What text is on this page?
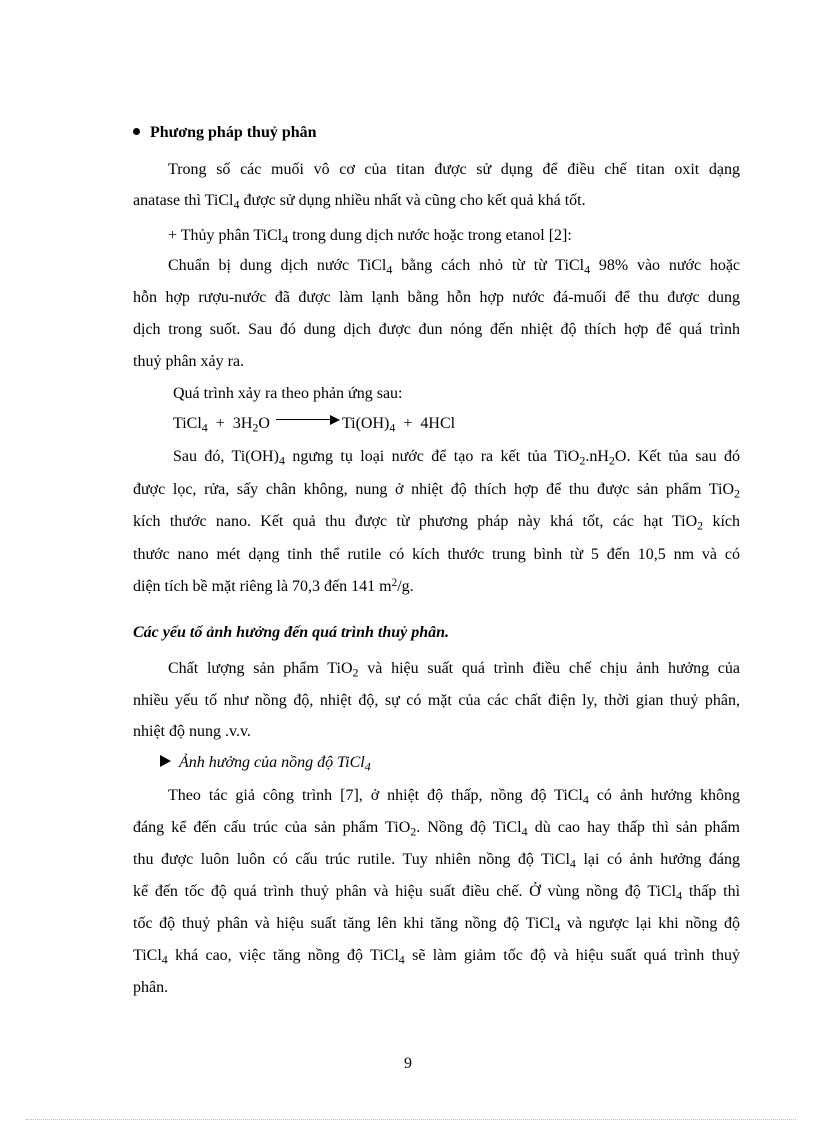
Phương pháp thuỷ phân
Trong số các muối vô cơ của titan được sử dụng để điều chế titan oxit dạng
anatase thì TiCl$_4$ được sử dụng nhiều nhất và cũng cho kết quả khá tốt.
+ Thủy phân TiCl$_4$ trong dung dịch nước hoặc trong etanol [2]:
Chuẩn bị dung dịch nước TiCl$_4$ bằng cách nhỏ từ từ TiCl$_4$ 98% vào nước hoặc
hỗn hợp rượu-nước đã được làm lạnh bằng hỗn hợp nước đá-muối để thu được dung
dịch trong suốt. Sau đó dung dịch được đun nóng đến nhiệt độ thích hợp để quá trình
thuỷ phân xảy ra.
Quá trình xảy ra theo phản ứng sau:
TiCl$_4$ + $3H_2O$	$Ti(OH)_4 + 4HCl$
Sau đó, $Ti(OH)_4$ ngưng tụ loại nước để tạo ra kết tủa $TiO_2.nH_2O$. Kết tủa sau đó
được lọc, rửa, sấy chân không, nung ở nhiệt độ thích hợp để thu được sản phẩm TiO$_2$
kích thước nano. Kết quả thu được từ phương pháp này khá tốt, các hạt TiO$_2$ kích
thước nano mét dạng tinh thể rutile có kích thước trung bình từ 5 đến 10,5 nm và có
diện tích bề mặt riêng là 70,3 đến 141 $m^2/g$.
Các yếu tố ảnh hưởng đến quá trình thuỷ phân.
Chất lượng sản phẩm TiO$_2$ và hiệu suất quá trình điều chế chịu ảnh hưởng của
nhiều yếu tố như nồng độ, nhiệt độ, sự có mặt của các chất điện ly, thời gian thuỷ phân,
nhiệt độ nung .v.v.
Ảnh hưởng của nồng độ TiCl$_4$
Theo tác giả công trình [7], ở nhiệt độ thấp, nồng độ TiCl$_4$ có ảnh hưởng không
đáng kể đến cấu trúc của sản phẩm TiO$_2$. Nồng độ TiCl$_4$ dù cao hay thấp thì sản phẩm
thu được luôn luôn có cấu trúc rutile. Tuy nhiên nồng độ TiCl$_4$ lại có ảnh hưởng đáng
kể đến tốc độ quá trình thuỷ phân và hiệu suất điều chế. Ở vùng nồng độ TiCl$_4$ thấp thì
tốc độ thuỷ phân và hiệu suất tăng lên khi tăng nồng độ TiCl$_4$ và ngược lại khi nồng độ
TiCl$_4$ khá cao, việc tăng nồng độ TiCl$_4$ sẽ làm giảm tốc độ và hiệu suất quá trình thuỷ
phân.
9
